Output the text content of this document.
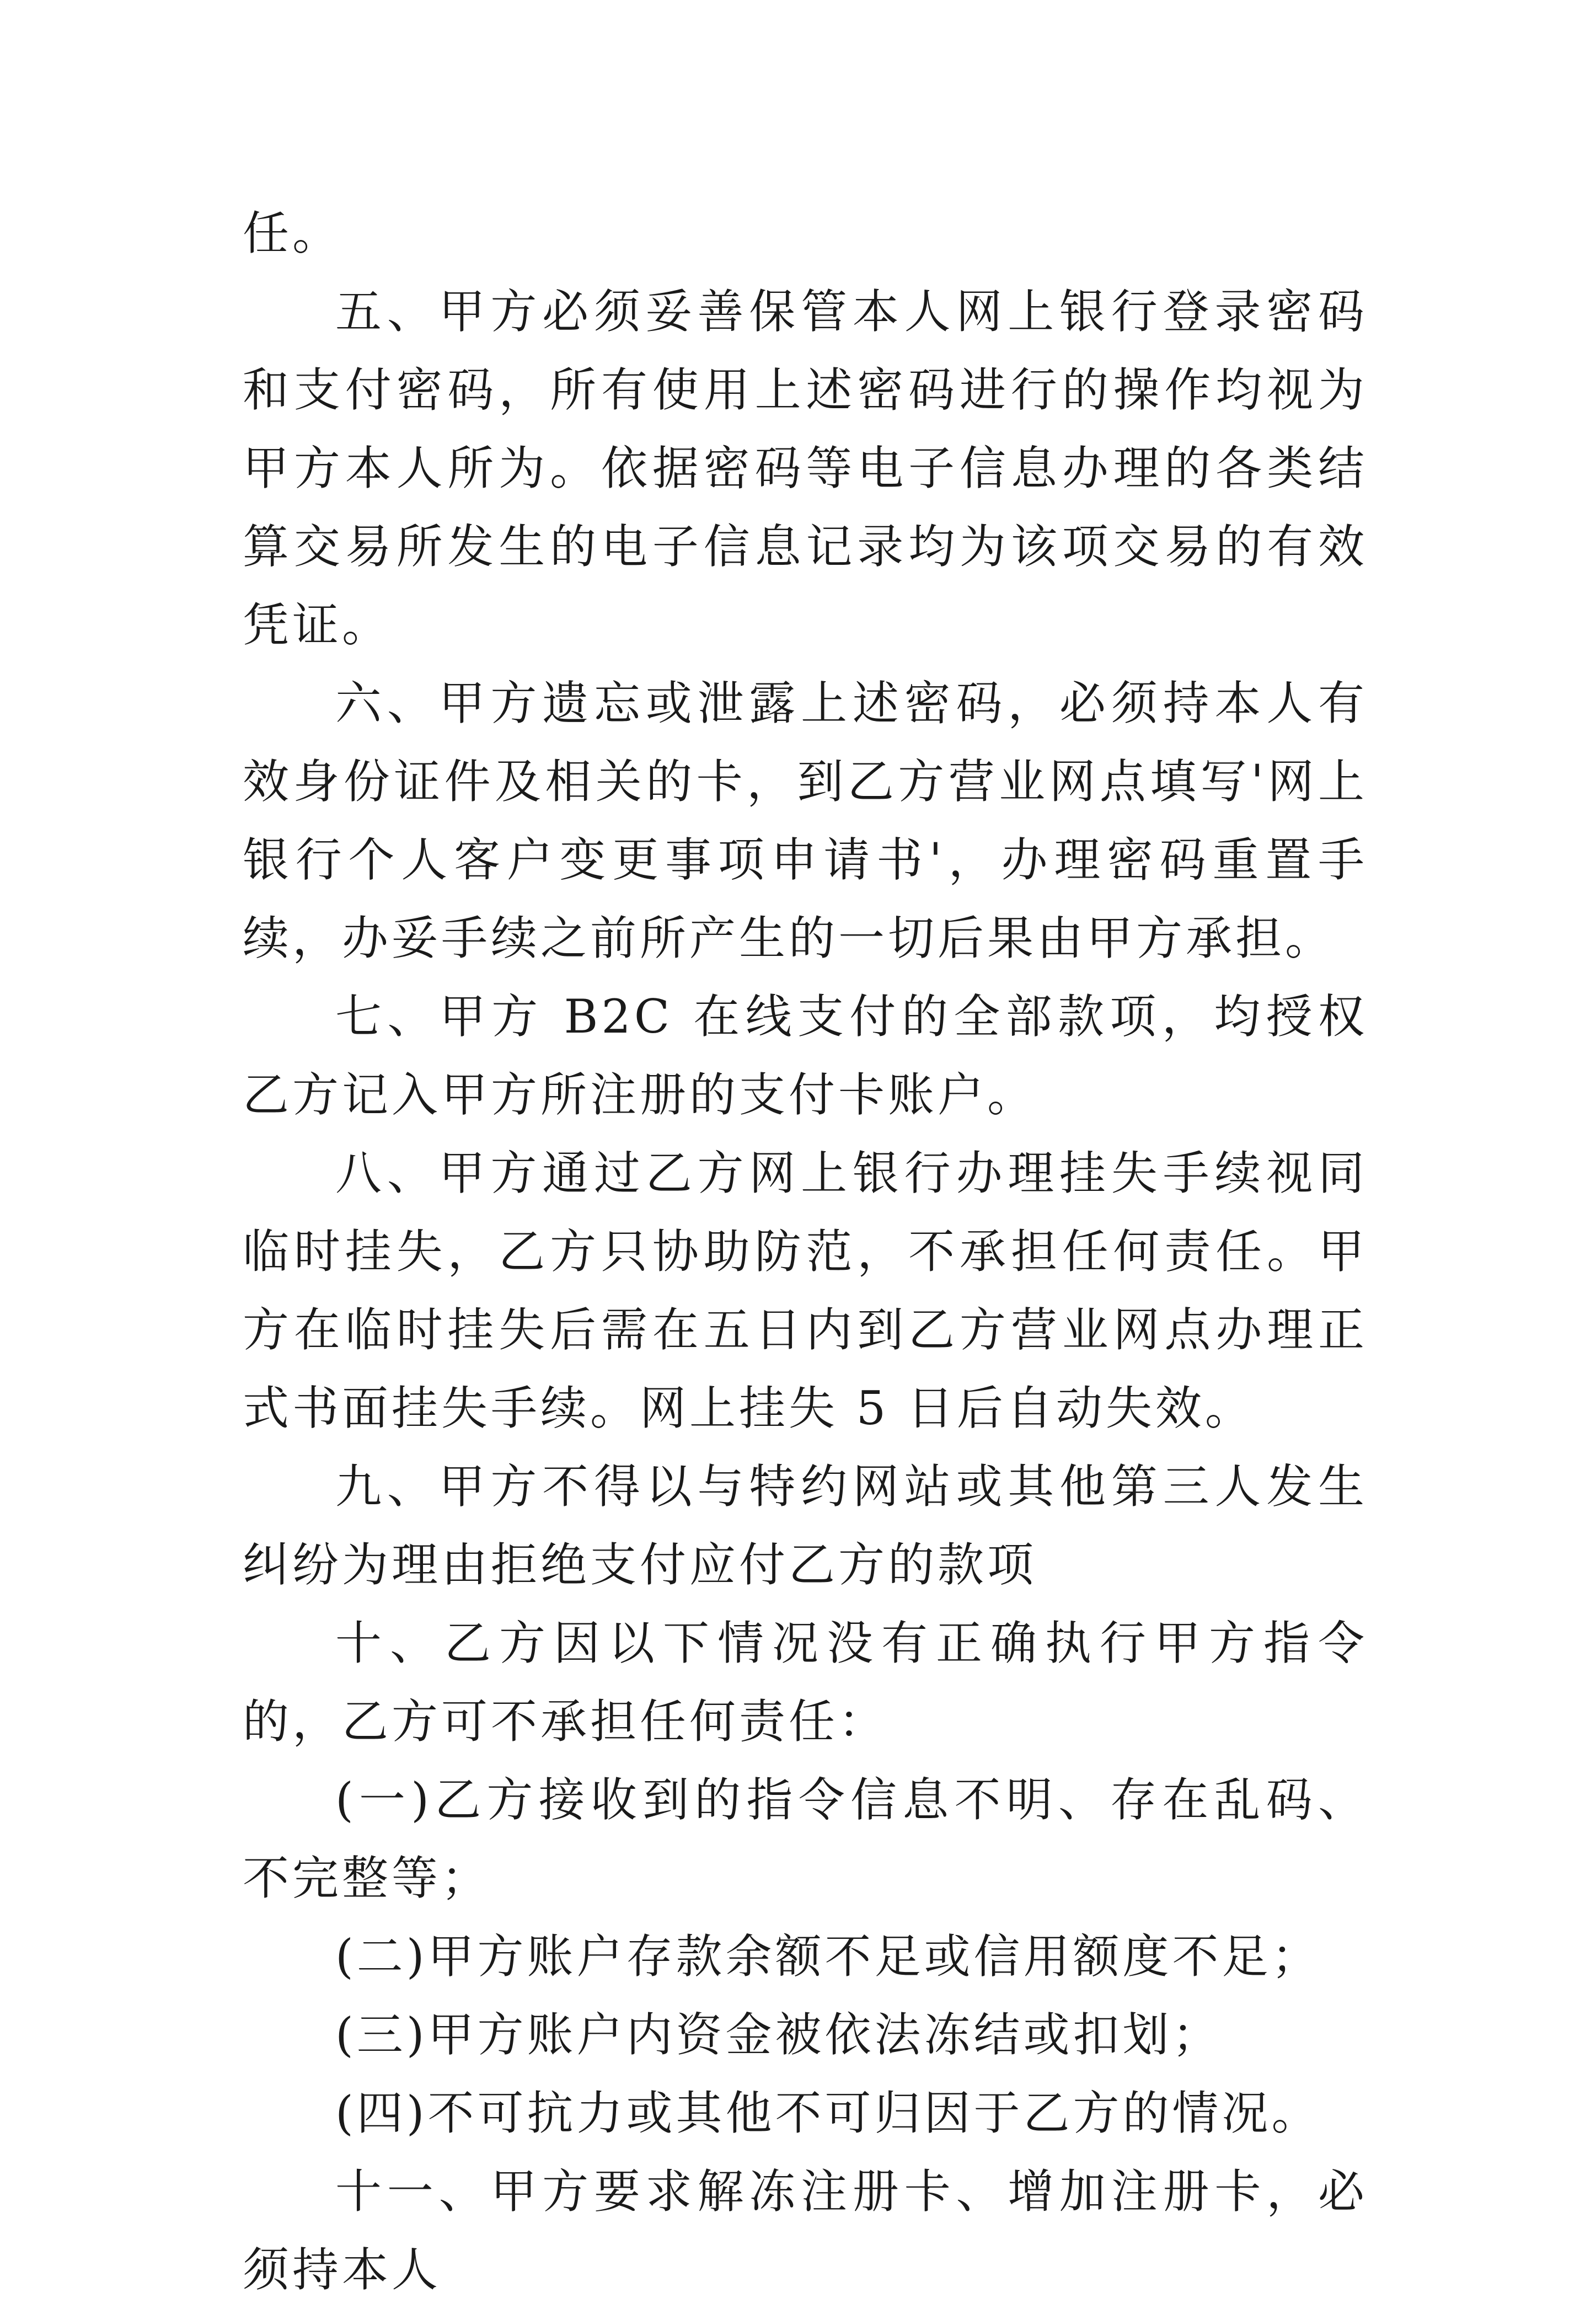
任。

五、甲方必须妥善保管本人网上银行登录密码和支付密码，所有使用上述密码进行的操作均视为甲方本人所为。依据密码等电子信息办理的各类结算交易所发生的电子信息记录均为该项交易的有效凭证。

六、甲方遗忘或泄露上述密码，必须持本人有效身份证件及相关的卡，到乙方营业网点填写'网上银行个人客户变更事项申请书'，办理密码重置手续，办妥手续之前所产生的一切后果由甲方承担。

七、甲方 B2C 在线支付的全部款项，均授权乙方记入甲方所注册的支付卡账户。

八、甲方通过乙方网上银行办理挂失手续视同临时挂失，乙方只协助防范，不承担任何责任。甲方在临时挂失后需在五日内到乙方营业网点办理正式书面挂失手续。网上挂失 5 日后自动失效。

九、甲方不得以与特约网站或其他第三人发生纠纷为理由拒绝支付应付乙方的款项

十、乙方因以下情况没有正确执行甲方指令的，乙方可不承担任何责任：

(一)乙方接收到的指令信息不明、存在乱码、不完整等；

(二)甲方账户存款余额不足或信用额度不足；

(三)甲方账户内资金被依法冻结或扣划；

(四)不可抗力或其他不可归因于乙方的情况。

十一、甲方要求解冻注册卡、增加注册卡，必须持本人
